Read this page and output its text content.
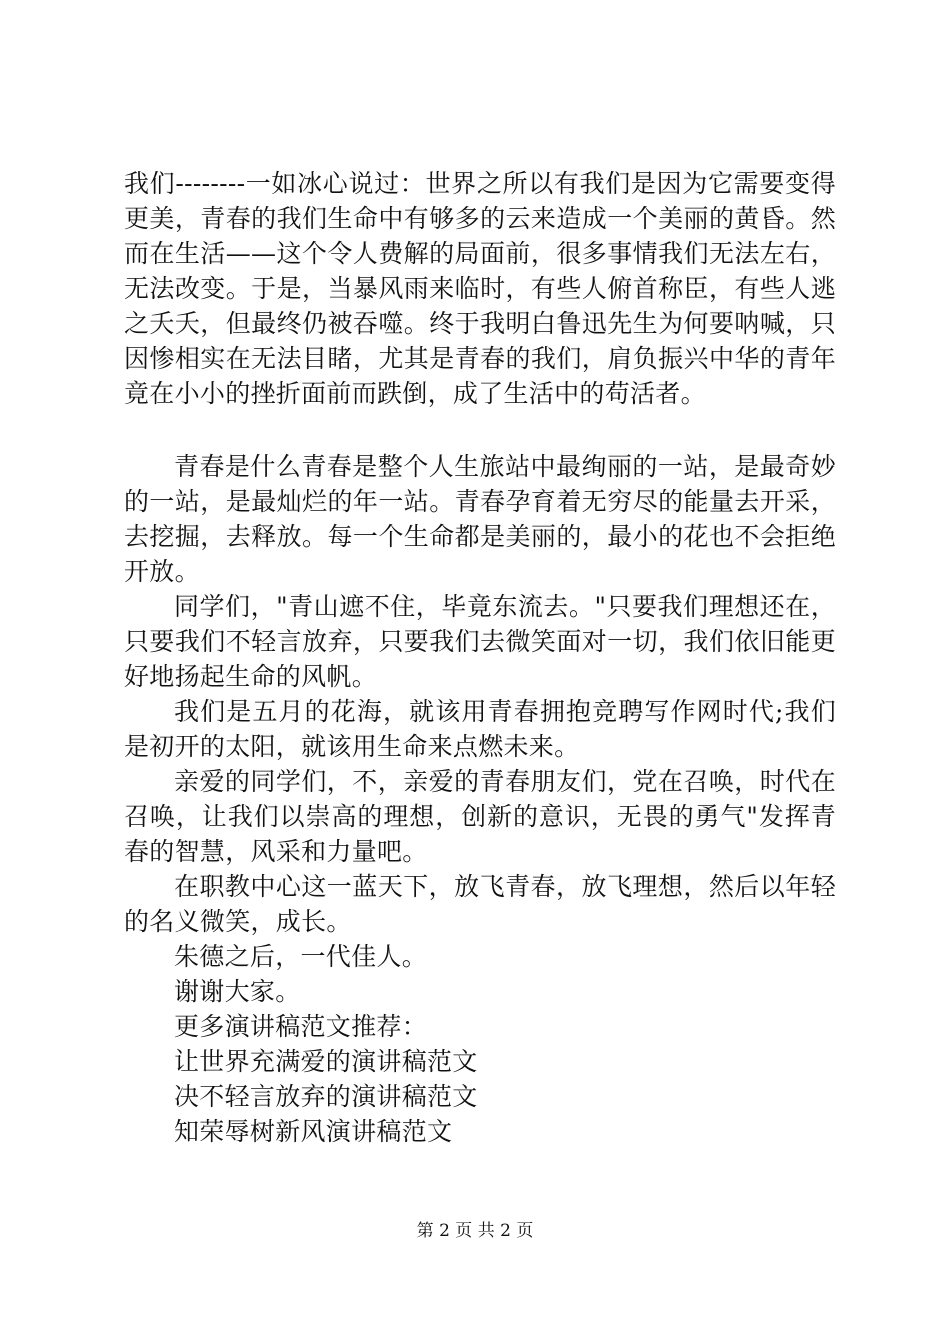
我们--------一如冰心说过：世界之所以有我们是因为它需要变得更美，青春的我们生命中有够多的云来造成一个美丽的黄昏。然而在生活——这个令人费解的局面前，很多事情我们无法左右，无法改变。于是，当暴风雨来临时，有些人俯首称臣，有些人逃之夭夭，但最终仍被吞噬。终于我明白鲁迅先生为何要呐喊，只因惨相实在无法目睹，尤其是青春的我们，肩负振兴中华的青年竟在小小的挫折面前而跌倒，成了生活中的苟活者。

青春是什么青春是整个人生旅站中最绚丽的一站，是最奇妙的一站，是最灿烂的年一站。青春孕育着无穷尽的能量去开采，去挖掘，去释放。每一个生命都是美丽的，最小的花也不会拒绝开放。

同学们，"青山遮不住，毕竟东流去。"只要我们理想还在，只要我们不轻言放弃，只要我们去微笑面对一切，我们依旧能更好地扬起生命的风帆。

我们是五月的花海，就该用青春拥抱竞聘写作网时代;我们是初开的太阳，就该用生命来点燃未来。

亲爱的同学们，不，亲爱的青春朋友们，党在召唤，时代在召唤，让我们以崇高的理想，创新的意识，无畏的勇气"发挥青春的智慧，风采和力量吧。

在职教中心这一蓝天下，放飞青春，放飞理想，然后以年轻的名义微笑，成长。

朱德之后，一代佳人。

谢谢大家。

更多演讲稿范文推荐：

让世界充满爱的演讲稿范文

决不轻言放弃的演讲稿范文

知荣辱树新风演讲稿范文

第 2 页 共 2 页
